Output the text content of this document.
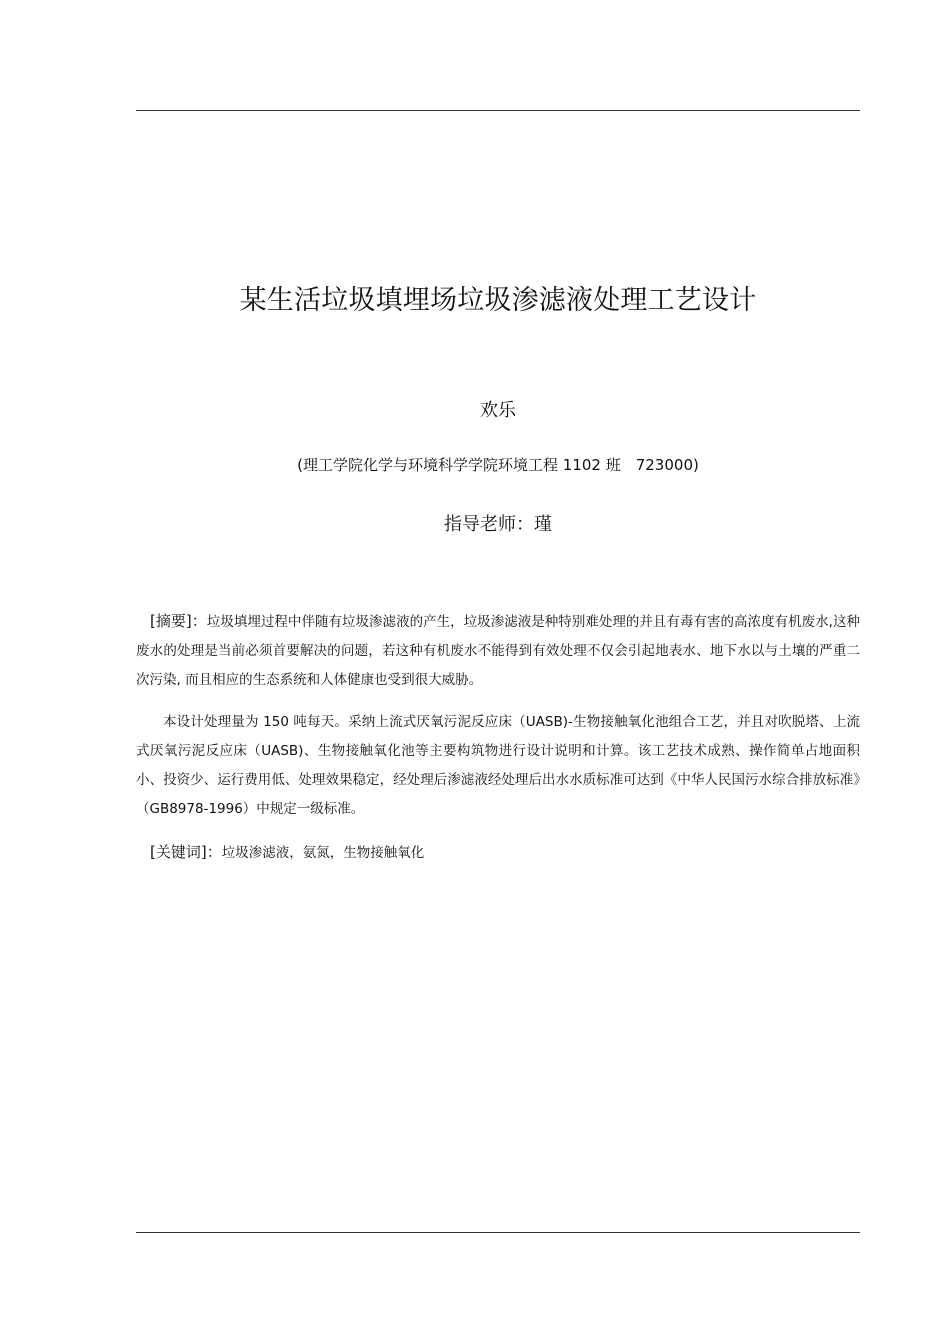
某生活垃圾填埋场垃圾渗滤液处理工艺设计
欢乐
(理工学院化学与环境科学学院环境工程 1102 班　723000)
指导老师：瑾

[摘要]：垃圾填埋过程中伴随有垃圾渗滤液的产生，垃圾渗滤液是种特别难处理的并且有毒有害的高浓度有机废水,这种废水的处理是当前必须首要解决的问题，若这种有机废水不能得到有效处理不仅会引起地表水、地下水以与土壤的严重二次污染, 而且相应的生态系统和人体健康也受到很大威胁。

本设计处理量为 150 吨每天。采纳上流式厌氧污泥反应床（UASB)-生物接触氧化池组合工艺，并且对吹脱塔、上流式厌氧污泥反应床（UASB)、生物接触氧化池等主要构筑物进行设计说明和计算。该工艺技术成熟、操作简单占地面积小、投资少、运行费用低、处理效果稳定，经处理后渗滤液经处理后出水水质标准可达到《中华人民国污水综合排放标准》（GB8978-1996）中规定一级标准。

[关键词]：垃圾渗滤液，氨氮，生物接触氧化
